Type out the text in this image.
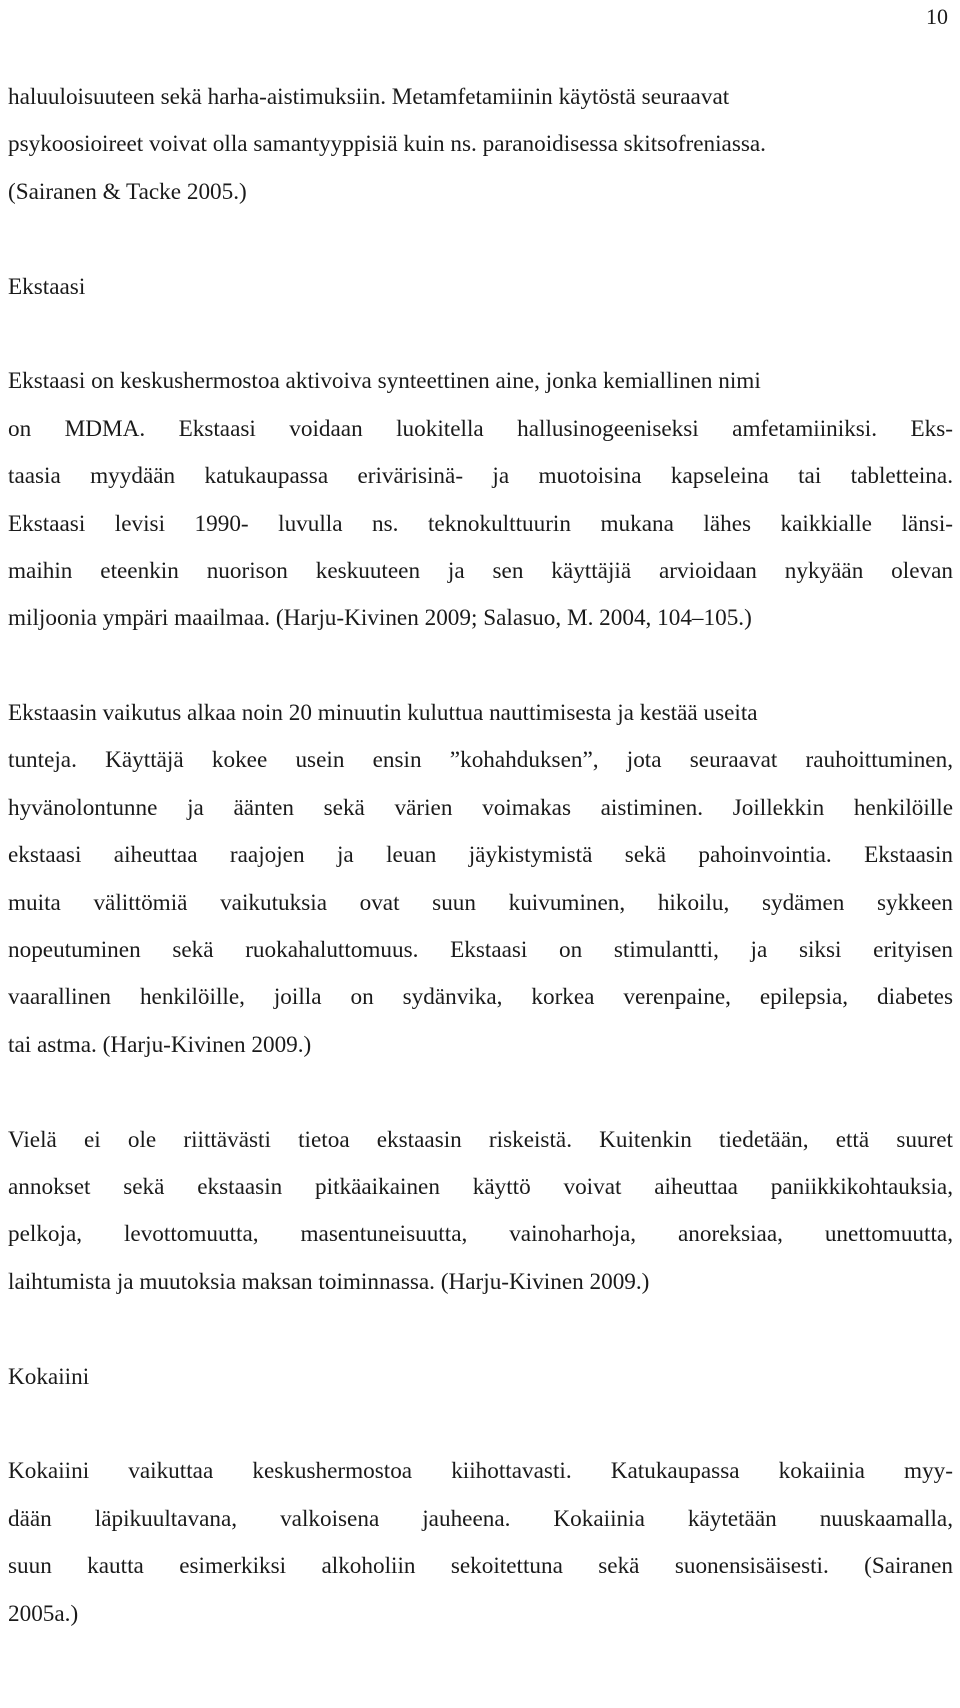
10
haluuloisuuteen sekä harha-aistimuksiin. Metamfetamiinin käytöstä seuraavat
psykoosioireet voivat olla samantyyppisiä kuin ns. paranoidisessa skitsofreniassa.
(Sairanen & Tacke 2005.)
Ekstaasi
Ekstaasi on keskushermostoa aktivoiva synteettinen aine, jonka kemiallinen nimi
on MDMA. Ekstaasi voidaan luokitella hallusinogeeniseksi amfetamiiniksi. Eks-
taasia myydään katukaupassa erivärisinä- ja muotoisina kapseleina tai tabletteina.
Ekstaasi levisi 1990- luvulla ns. teknokulttuurin mukana lähes kaikkialle länsi-
maihin eteenkin nuorison keskuuteen ja sen käyttäjiä arvioidaan nykyään olevan
miljoonia ympäri maailmaa. (Harju-Kivinen 2009; Salasuo, M. 2004, 104–105.)
Ekstaasin vaikutus alkaa noin 20 minuutin kuluttua nauttimisesta ja kestää useita
tunteja. Käyttäjä kokee usein ensin ”kohahduksen”, jota seuraavat rauhoittuminen,
hyvänolontunne ja äänten sekä värien voimakas aistiminen. Joillekkin henkilöille
ekstaasi aiheuttaa raajojen ja leuan jäykistymistä sekä pahoinvointia. Ekstaasin
muita välittömiä vaikutuksia ovat suun kuivuminen, hikoilu, sydämen sykkeen
nopeutuminen sekä ruokahaluttomuus. Ekstaasi on stimulantti, ja siksi erityisen
vaarallinen henkilöille, joilla on sydänvika, korkea verenpaine, epilepsia, diabetes
tai astma. (Harju-Kivinen 2009.)
Vielä ei ole riittävästi tietoa ekstaasin riskeistä. Kuitenkin tiedetään, että suuret
annokset sekä ekstaasin pitkäaikainen käyttö voivat aiheuttaa paniikkikohtauksia,
pelkoja, levottomuutta, masentuneisuutta, vainoharhoja, anoreksiaa, unettomuutta,
laihtumista ja muutoksia maksan toiminnassa. (Harju-Kivinen 2009.)
Kokaiini
Kokaiini vaikuttaa keskushermostoa kiihottavasti. Katukaupassa kokaiinia myy-
dään läpikuultavana, valkoisena jauheena. Kokaiinia käytetään nuuskaamalla,
suun kautta esimerkiksi alkoholiin sekoitettuna sekä suonensisäisesti. (Sairanen
2005a.)
